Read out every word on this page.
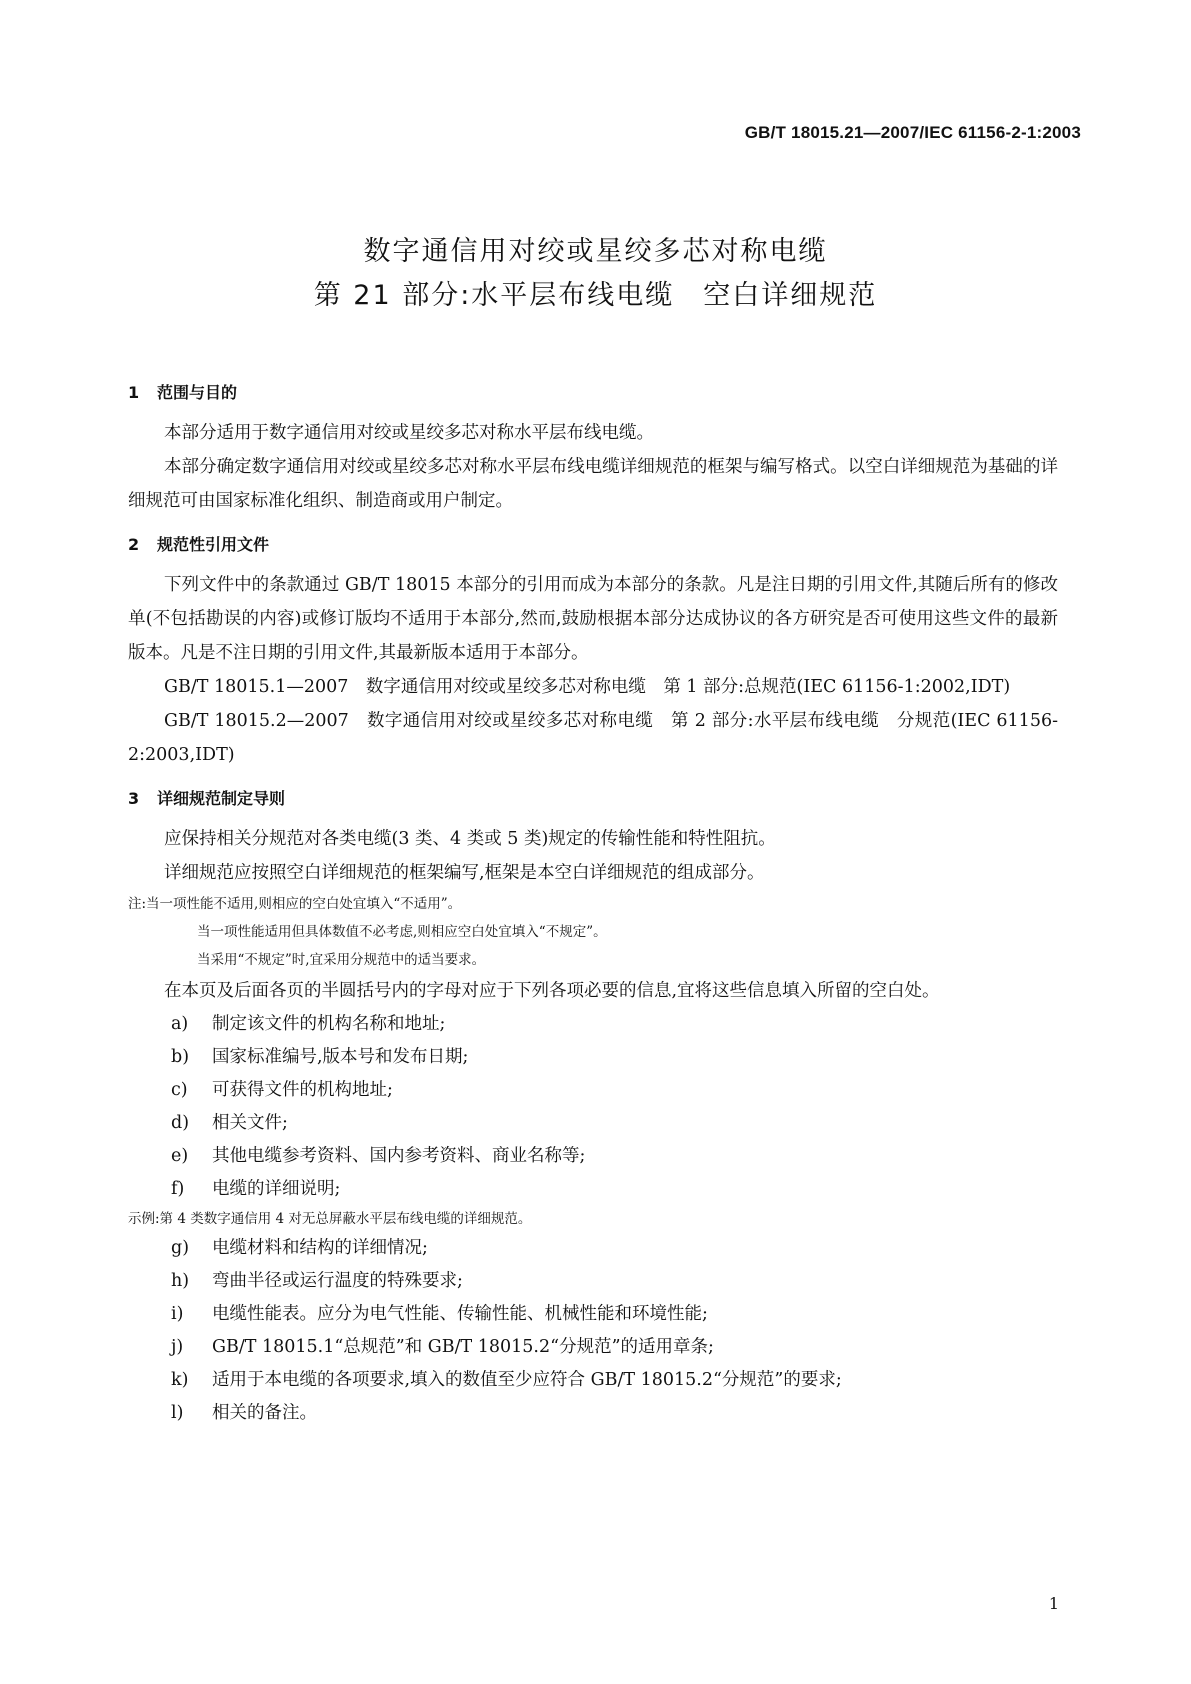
GB/T 18015.21—2007/IEC 61156-2-1:2003
数字通信用对绞或星绞多芯对称电缆
第 21 部分:水平层布线电缆　空白详细规范
1 范围与目的

本部分适用于数字通信用对绞或星绞多芯对称水平层布线电缆。

本部分确定数字通信用对绞或星绞多芯对称水平层布线电缆详细规范的框架与编写格式。以空白详细规范为基础的详细规范可由国家标准化组织、制造商或用户制定。

2 规范性引用文件

下列文件中的条款通过 GB/T 18015 本部分的引用而成为本部分的条款。凡是注日期的引用文件,其随后所有的修改单(不包括勘误的内容)或修订版均不适用于本部分,然而,鼓励根据本部分达成协议的各方研究是否可使用这些文件的最新版本。凡是不注日期的引用文件,其最新版本适用于本部分。

GB/T 18015.1—2007　数字通信用对绞或星绞多芯对称电缆　第 1 部分:总规范(IEC 61156-1:2002,IDT)

GB/T 18015.2—2007　数字通信用对绞或星绞多芯对称电缆　第 2 部分:水平层布线电缆　分规范(IEC 61156-2:2003,IDT)

3 详细规范制定导则

应保持相关分规范对各类电缆(3 类、4 类或 5 类)规定的传输性能和特性阻抗。

详细规范应按照空白详细规范的框架编写,框架是本空白详细规范的组成部分。

注:当一项性能不适用,则相应的空白处宜填入“不适用”。

当一项性能适用但具体数值不必考虑,则相应空白处宜填入“不规定”。

当采用“不规定”时,宜采用分规范中的适当要求。

在本页及后面各页的半圆括号内的字母对应于下列各项必要的信息,宜将这些信息填入所留的空白处。

a) 制定该文件的机构名称和地址;
b) 国家标准编号,版本号和发布日期;
c) 可获得文件的机构地址;
d) 相关文件;
e) 其他电缆参考资料、国内参考资料、商业名称等;
f) 电缆的详细说明;

示例:第 4 类数字通信用 4 对无总屏蔽水平层布线电缆的详细规范。

g) 电缆材料和结构的详细情况;
h) 弯曲半径或运行温度的特殊要求;
i) 电缆性能表。应分为电气性能、传输性能、机械性能和环境性能;
j) GB/T 18015.1“总规范”和 GB/T 18015.2“分规范”的适用章条;
k) 适用于本电缆的各项要求,填入的数值至少应符合 GB/T 18015.2“分规范”的要求;
l) 相关的备注。
1
